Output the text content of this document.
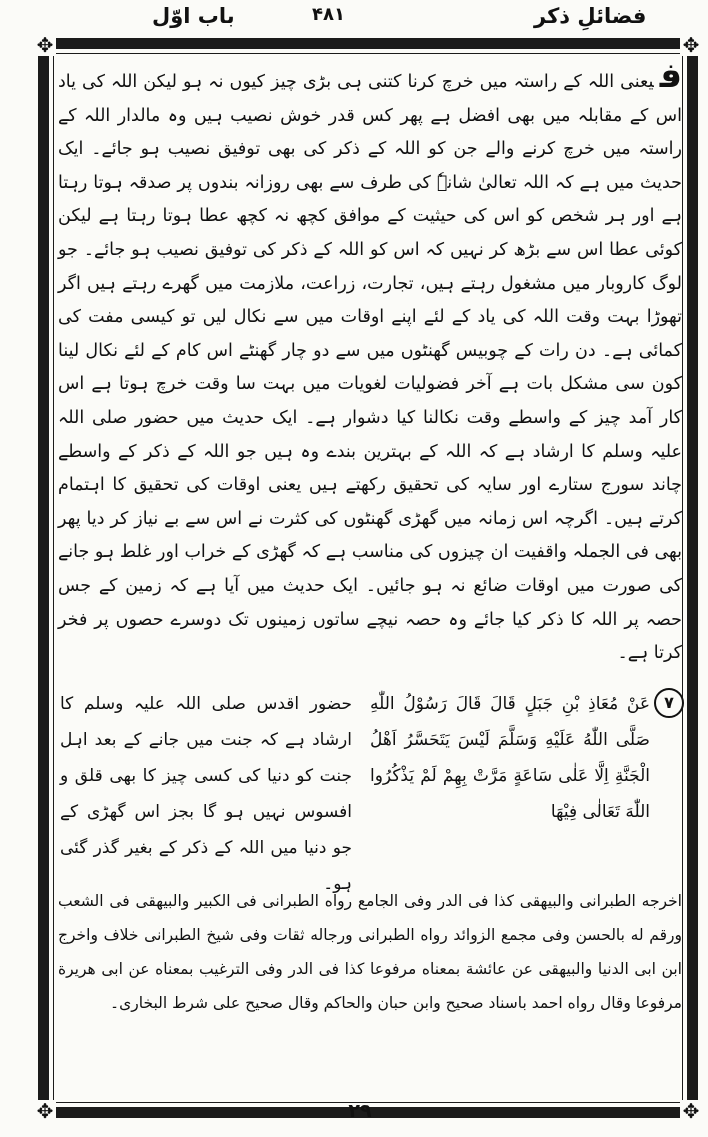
باب اوّل	۴۸۱	فضائلِ ذکر
✥	✥
✥	✥

فیعنی اللہ کے راستہ میں خرچ کرنا کتنی ہی بڑی چیز کیوں نہ ہو لیکن اللہ کی یاد اس کے مقابلہ میں بھی افضل ہے پھر کس قدر خوش نصیب ہیں وہ مالدار اللہ کے راستہ میں خرچ کرنے والے جن کو اللہ کے ذکر کی بھی توفیق نصیب ہو جائے۔ ایک حدیث میں ہے کہ اللہ تعالیٰ شانہٗ کی طرف سے بھی روزانہ بندوں پر صدقہ ہوتا رہتا ہے اور ہر شخص کو اس کی حیثیت کے موافق کچھ نہ کچھ عطا ہوتا رہتا ہے لیکن کوئی عطا اس سے بڑھ کر نہیں کہ اس کو اللہ کے ذکر کی توفیق نصیب ہو جائے۔ جو لوگ کاروبار میں مشغول رہتے ہیں، تجارت، زراعت، ملازمت میں گھرے رہتے ہیں اگر تھوڑا بہت وقت اللہ کی یاد کے لئے اپنے اوقات میں سے نکال لیں تو کیسی مفت کی کمائی ہے۔ دن رات کے چوبیس گھنٹوں میں سے دو چار گھنٹے اس کام کے لئے نکال لینا کون سی مشکل بات ہے آخر فضولیات لغویات میں بہت سا وقت خرچ ہوتا ہے اس کار آمد چیز کے واسطے وقت نکالنا کیا دشوار ہے۔ ایک حدیث میں حضور صلی اللہ علیہ وسلم کا ارشاد ہے کہ اللہ کے بہترین بندے وہ ہیں جو اللہ کے ذکر کے واسطے چاند سورج ستارے اور سایہ کی تحقیق رکھتے ہیں یعنی اوقات کی تحقیق کا اہتمام کرتے ہیں۔ اگرچہ اس زمانہ میں گھڑی گھنٹوں کی کثرت نے اس سے بے نیاز کر دیا پھر بھی فی الجملہ واقفیت ان چیزوں کی مناسب ہے کہ گھڑی کے خراب اور غلط ہو جانے کی صورت میں اوقات ضائع نہ ہو جائیں۔ ایک حدیث میں آیا ہے کہ زمین کے جس حصہ پر اللہ کا ذکر کیا جائے وہ حصہ نیچے ساتوں زمینوں تک دوسرے حصوں پر فخر کرتا ہے۔

۷
عَنْ مُعَاذِ بْنِ جَبَلٍ قَالَ قَالَ رَسُوْلُ اللّٰهِ صَلَّى اللّٰهُ عَلَيْهِ وَسَلَّمَ لَيْسَ يَتَحَسَّرُ اَهْلُ الْجَنَّةِ اِلَّا عَلٰى سَاعَةٍ مَرَّتْ بِهِمْ لَمْ يَذْكُرُوا اللّٰهَ تَعَالٰى فِيْهَا
حضور اقدس صلی اللہ علیہ وسلم کا ارشاد ہے کہ جنت میں جانے کے بعد اہل جنت کو دنیا کی کسی چیز کا بھی قلق و افسوس نہیں ہو گا بجز اس گھڑی کے جو دنیا میں اللہ کے ذکر کے بغیر گذر گئی ہو۔
اخرجه الطبرانى والبيهقى كذا فى الدر وفى الجامع رواه الطبرانى فى الكبير والبيهقى فى الشعب ورقم له بالحسن وفى مجمع الزوائد رواه الطبرانى ورجاله ثقات وفى شيخ الطبرانى خلاف واخرج ابن ابى الدنيا والبيهقى عن عائشة بمعناه مرفوعا كذا فى الدر وفى الترغيب بمعناه عن ابى هريرة مرفوعا وقال رواه احمد باسناد صحيح وابن حبان والحاكم وقال صحيح على شرط البخارى۔
۲۹
